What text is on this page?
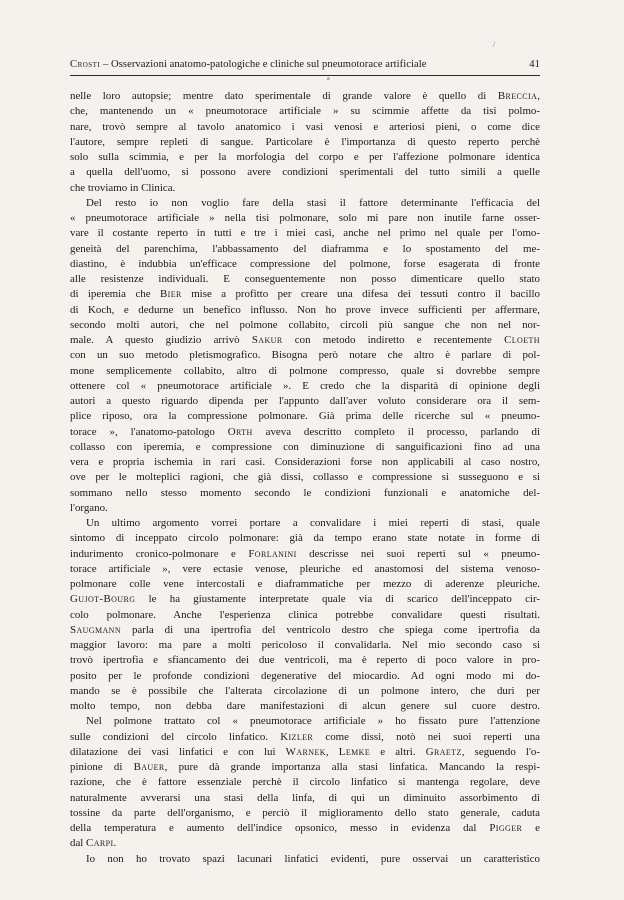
/
Crosti – Osservazioni anatomo-patologiche e cliniche sul pneumotorace artificiale	41
a
nelle loro autopsie; mentre dato sperimentale di grande valore è quello di Breccia,
che, mantenendo un « pneumotorace artificiale » su scimmie affette da tisi polmo-
nare, trovò sempre al tavolo anatomico i vasi venosi e arteriosi pieni, o come dice
l'autore, sempre repleti di sangue. Particolare è l'importanza di questo reperto perchè
solo sulla scimmia, e per la morfologia del corpo e per l'affezione polmonare identica
a quella dell'uomo, si possono avere condizioni sperimentali del tutto simili a quelle
che troviamo in Clinica.
Del resto io non voglio fare della stasi il fattore determinante l'efficacia del
« pneumotorace artificiale » nella tisi polmonare, solo mi pare non inutile farne osser-
vare il costante reperto in tutti e tre i miei casi, anche nel primo nel quale per l'omo-
geneità del parenchima, l'abbassamento del diaframma e lo spostamento del me-
diastino, è indubbia un'efficace compressione del polmone, forse esagerata di fronte
alle resistenze individuali. E conseguentemente non posso dimenticare quello stato
di iperemia che Bier mise a profitto per creare una difesa dei tessuti contro il bacillo
di Koch, e dedurne un benefico influsso. Non ho prove invece sufficienti per affermare,
secondo molti autori, che nel polmone collabito, circoli più sangue che non nel nor-
male. A questo giudizio arrivò Sakur con metodo indiretto e recentemente Cloeth
con un suo metodo pletismografico. Bisogna però notare che altro è parlare di pol-
mone semplicemente collabito, altro di polmone compresso, quale si dovrebbe sempre
ottenere col « pneumotorace artificiale ». E credo che la disparità di opinione degli
autori a questo riguardo dipenda per l'appunto dall'aver voluto considerare ora il sem-
plice riposo, ora la compressione polmonare. Già prima delle ricerche sul « pneumo-
torace », l'anatomo-patologo Orth aveva descritto completo il processo, parlando di
collasso con iperemia, e compressione con diminuzione di sanguificazioni fino ad una
vera e propria ischemia in rari casi. Considerazioni forse non applicabili al caso nostro,
ove per le molteplici ragioni, che già dissi, collasso e compressione si susseguono e si
sommano nello stesso momento secondo le condizioni funzionali e anatomiche del-
l'organo.
Un ultimo argomento vorrei portare a convalidare i miei reperti di stasi, quale
sintomo di inceppato circolo polmonare: già da tempo erano state notate in forme di
indurimento cronico-polmonare e Forlanini descrisse nei suoi reperti sul « pneumo-
torace artificiale », vere ectasie venose, pleuriche ed anastomosi del sistema venoso-
polmonare colle vene intercostali e diaframmatiche per mezzo di aderenze pleuriche.
Gujot-Bourg le ha giustamente interpretate quale via di scarico dell'inceppato cir-
colo polmonare. Anche l'esperienza clinica potrebbe convalidare questi risultati.
Saugmann parla di una ipertrofia del ventricolo destro che spiega come ipertrofia da
maggior lavoro: ma pare a molti pericoloso il convalidarla. Nel mio secondo caso si
trovò ipertrofia e sfiancamento dei due ventricoli, ma è reperto di poco valore in pro-
posito per le profonde condizioni degenerative del miocardio. Ad ogni modo mi do-
mando se è possibile che l'alterata circolazione di un polmone intero, che duri per
molto tempo, non debba dare manifestazioni di alcun genere sul cuore destro.
Nel polmone trattato col « pneumotorace artificiale » ho fissato pure l'attenzione
sulle condizioni del circolo linfatico. Kizler come dissi, notò nei suoi reperti una
dilatazione dei vasi linfatici e con lui Warnek, Lemke e altri. Graetz, seguendo l'o-
pinione di Bauer, pure dà grande importanza alla stasi linfatica. Mancando la respi-
razione, che è fattore essenziale perchè il circolo linfatico si mantenga regolare, deve
naturalmente avverarsi una stasi della linfa, di qui un diminuito assorbimento di
tossine da parte dell'organismo, e perciò il miglioramento dello stato generale, caduta
della temperatura e aumento dell'indice opsonico, messo in evidenza dal Pigger e
dal Carpi.
Io non ho trovato spazi lacunari linfatici evidenti, pure osservai un caratteristico
